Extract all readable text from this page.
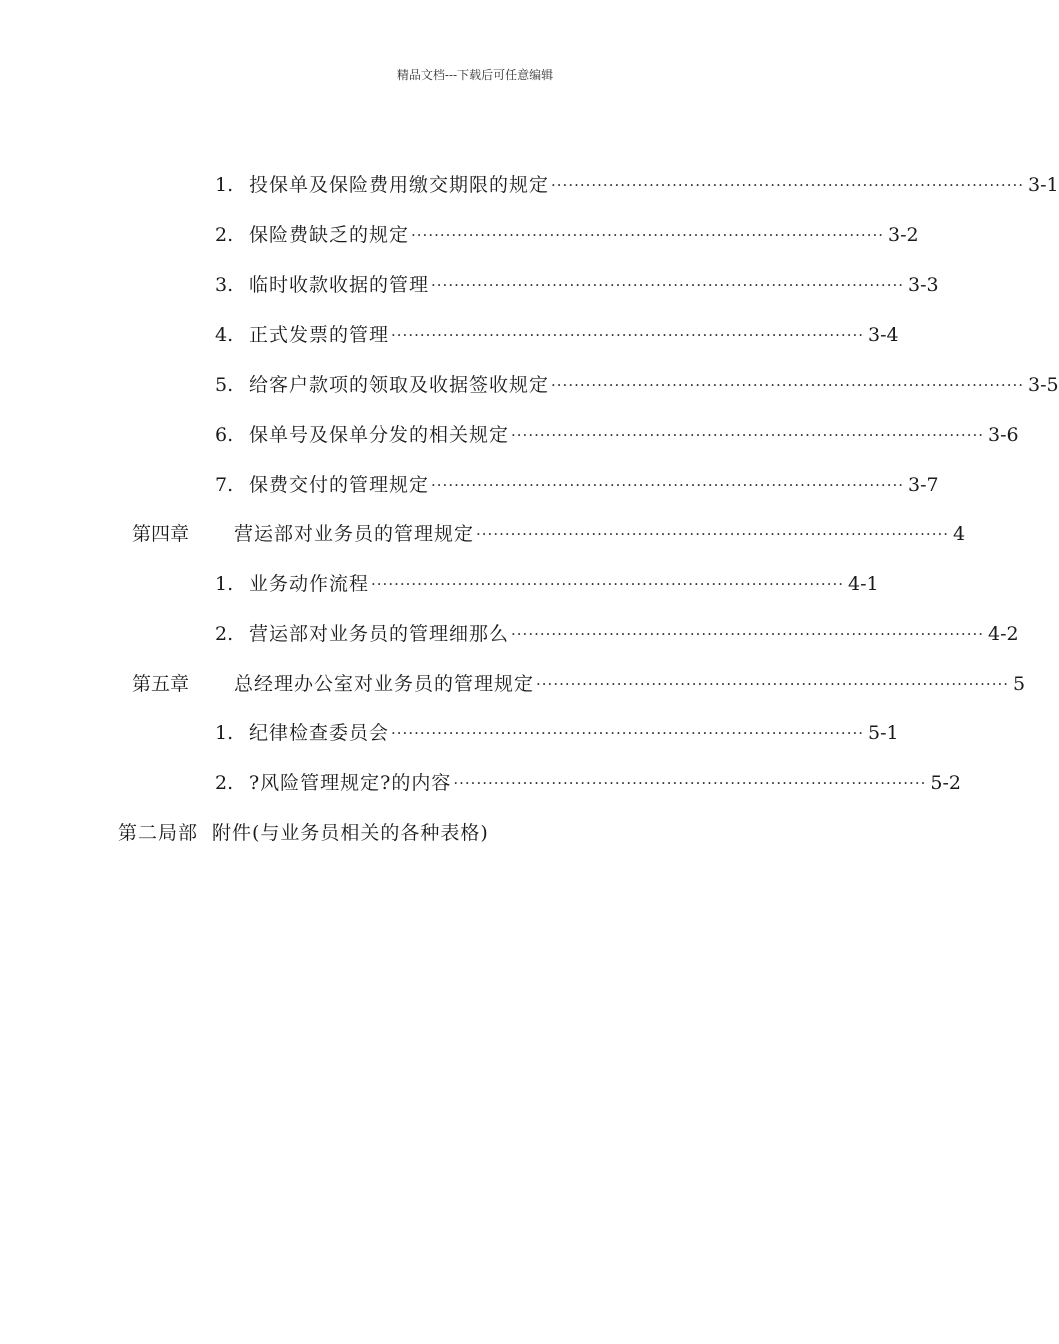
精品文档---下载后可任意编辑
1. 投保单及保险费用缴交期限的规定 ·················································································· 3-1
2. 保险费缺乏的规定 ·················································································· 3-2
3. 临时收款收据的管理 ·················································································· 3-3
4. 正式发票的管理 ·················································································· 3-4
5. 给客户款项的领取及收据签收规定 ·················································································· 3-5
6. 保单号及保单分发的相关规定 ·················································································· 3-6
7. 保费交付的管理规定 ·················································································· 3-7
第四章	营运部对业务员的管理规定 ·················································································· 4
1. 业务动作流程 ·················································································· 4-1
2. 营运部对业务员的管理细那么 ·················································································· 4-2
第五章	总经理办公室对业务员的管理规定 ·················································································· 5
1. 纪律检查委员会 ·················································································· 5-1
2. ?风险管理规定?的内容 ·················································································· 5-2
第二局部 附件(与业务员相关的各种表格)
